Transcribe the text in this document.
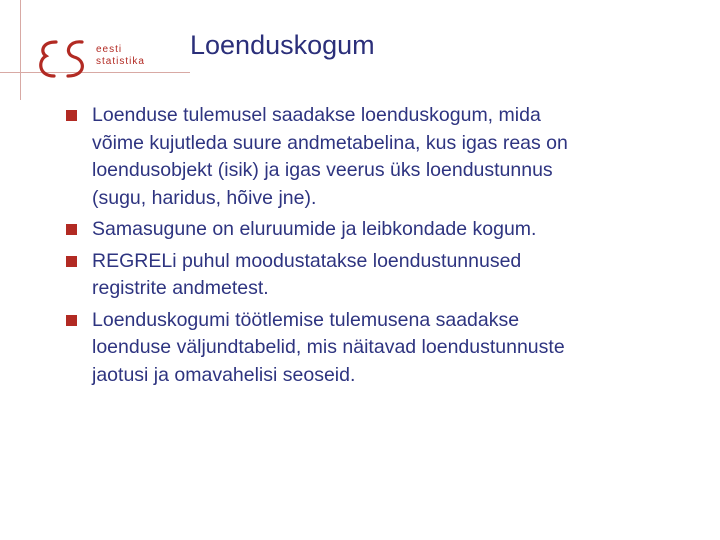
eesti
statistika
Loenduskogum
Loenduse tulemusel saadakse loenduskogum, mida
võime kujutleda suure andmetabelina, kus igas reas on
loendusobjekt (isik) ja igas veerus üks loendustunnus
(sugu, haridus, hõive jne).
Samasugune on eluruumide ja leibkondade kogum.
REGRELi puhul moodustatakse loendustunnused
registrite andmetest.
Loenduskogumi töötlemise tulemusena saadakse
loenduse väljundtabelid, mis näitavad loendustunnuste
jaotusi ja omavahelisi seoseid.
